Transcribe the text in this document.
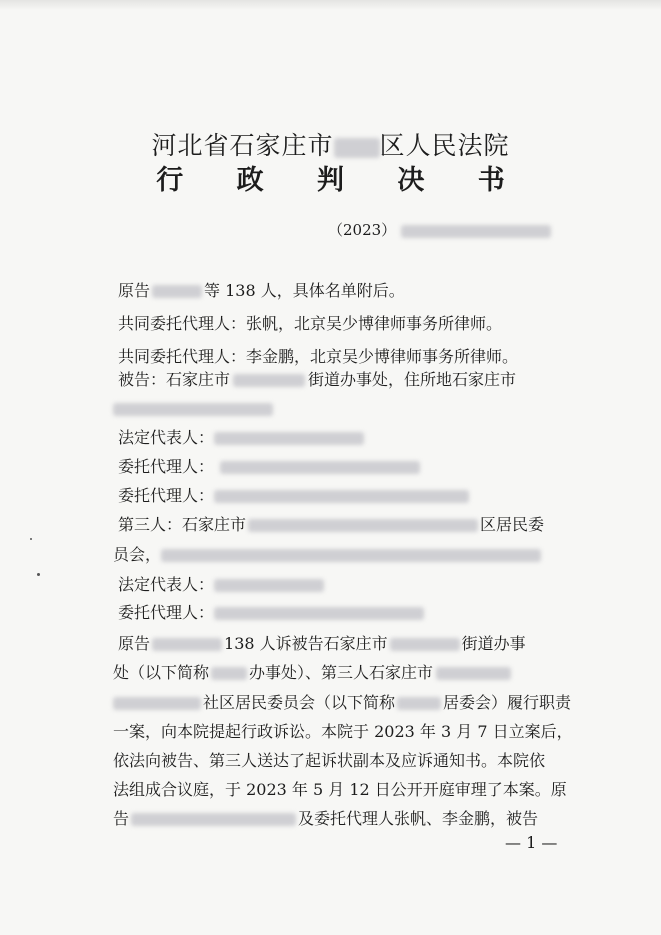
河北省石家庄市 区人民法院
行 政 判 决 书
（2023）
原告	等 138 人，具体名单附后。
共同委托代理人：张帆，北京吴少博律师事务所律师。
共同委托代理人：李金鹏，北京吴少博律师事务所律师。
被告：石家庄市	街道办事处，住所地石家庄市
法定代表人：
委托代理人：
委托代理人：
第三人：石家庄市	区居民委
员会，
法定代表人：
委托代理人：
原告	138 人诉被告石家庄市	街道办事
处（以下简称	办事处）、第三人石家庄市
社区居民委员会（以下简称	居委会）履行职责
一案，向本院提起行政诉讼。本院于 2023 年 3 月 7 日立案后，
依法向被告、第三人送达了起诉状副本及应诉通知书。本院依
法组成合议庭，于 2023 年 5 月 12 日公开开庭审理了本案。原
告	及委托代理人张帆、李金鹏，被告
— 1 —
